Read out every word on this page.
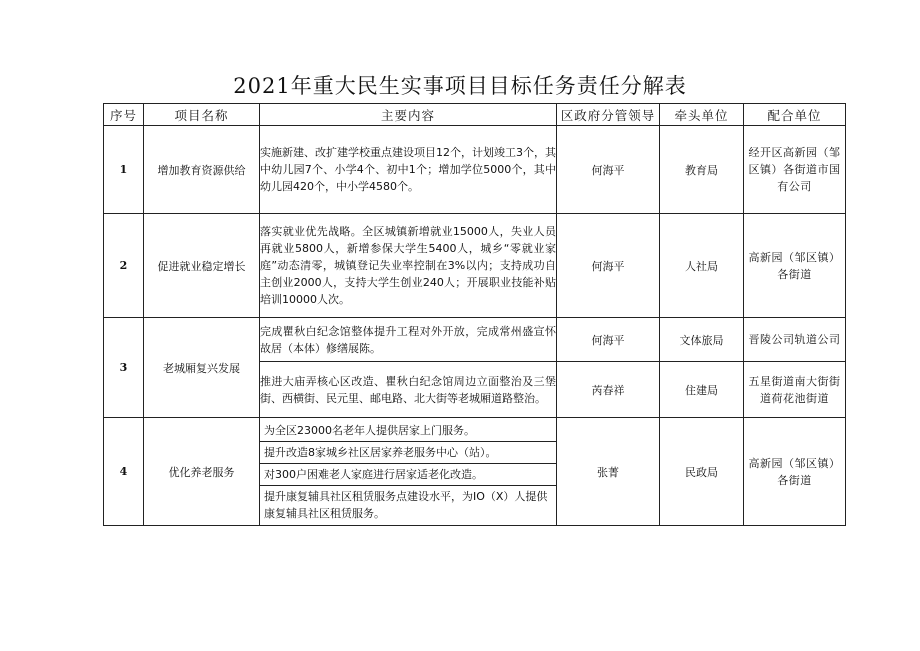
2021年重大民生实事项目目标任务责任分解表
序号	项目名称	主要内容	区政府分管领导	牵头单位	配合单位
1	增加教育资源供给	实施新建、改扩建学校重点建设项目12个，计划竣工3个，其中幼儿园7个、小学4个、初中1个；增加学位5000个，其中幼儿园420个，中小学4580个。	何海平	教育局	经开区高新园（邹区镇）各街道市国有公司

2	促进就业稳定增长	落实就业优先战略。全区城镇新增就业15000人，失业人员再就业5800人，新增参保大学生5400人，城乡“零就业家庭”动态清零，城镇登记失业率控制在3%以内；支持成功自主创业2000人，支持大学生创业240人；开展职业技能补贴培训10000人次。	何海平	人社局	高新园（邹区镇）各街道

3	老城厢复兴发展	完成瞿秋白纪念馆整体提升工程对外开放，完成常州盛宣怀故居（本体）修缮展陈。	何海平	文体旅局	晋陵公司轨道公司

		推进大庙弄核心区改造、瞿秋白纪念馆周边立面整治及三堡街、西横街、民元里、邮电路、北大街等老城厢道路整治。	芮春祥	住建局	五星街道南大街街道荷花池街道

4	优化养老服务	为全区23000名老年人提供居家上门服务。
提升改造8家城乡社区居家养老服务中心（站）。
对300户困难老人家庭进行居家适老化改造。
提升康复辅具社区租赁服务点建设水平，为IO（X）人提供康复辅具社区租赁服务。	张菁	民政局	高新园（邹区镇）各街道
